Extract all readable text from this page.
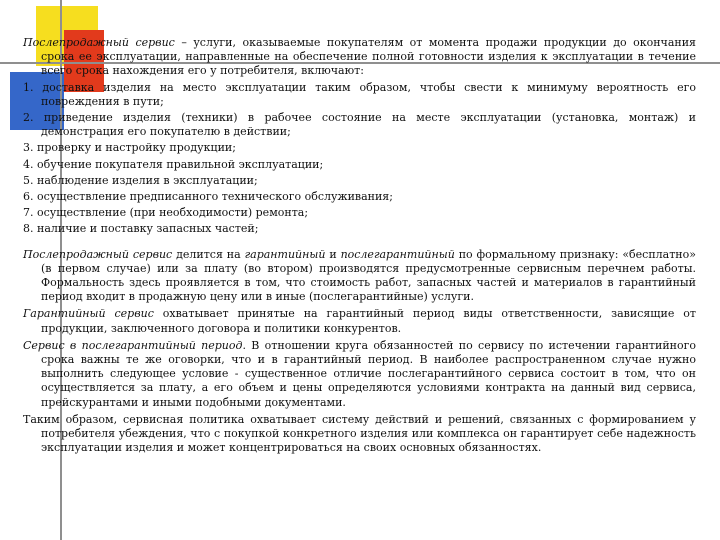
Послепродажный сервис – услуги, оказываемые покупателям от момента продажи продукции до окончания срока ее эксплуатации, направленные на обеспечение полной готовности изделия к эксплуатации в течение всего срока нахождения его у потребителя, включают:

1. доставка изделия на место эксплуатации таким образом, чтобы свести к минимуму вероятность его повреждения в пути;

2. приведение изделия (техники) в рабочее состояние на месте эксплуатации (установка, монтаж) и демонстрация его покупателю в действии;

3. проверку и настройку продукции;

4. обучение покупателя правильной эксплуатации;

5. наблюдение изделия в эксплуатации;

6. осуществление предписанного технического обслуживания;

7. осуществление (при необходимости) ремонта;

8. наличие и поставку запасных частей;

Послепродажный сервис делится на гарантийный и послегарантийный по формальному признаку: «бесплатно» (в первом случае) или за плату (во втором) производятся предусмотренные сервисным перечнем работы. Формальность здесь проявляется в том, что стоимость работ, запасных частей и материалов в гарантийный период входит в продажную цену или в иные (послегарантийные) услуги.

Гарантийный сервис охватывает принятые на гарантийный период виды ответственности, зависящие от продукции, заключенного договора и политики конкурентов.

Сервис в послегарантийный период. В отношении круга обязанностей по сервису по истечении гарантийного срока важны те же оговорки, что и в гарантийный период. В наиболее распространенном случае нужно выполнить следующее условие - существенное отличие послегарантийного сервиса состоит в том, что он осуществляется за плату, а его объем и цены определяются условиями контракта на данный вид сервиса, прейскурантами и иными подобными документами.

Таким образом, сервисная политика охватывает систему действий и решений, связанных с формированием у потребителя убеждения, что с покупкой конкретного изделия или комплекса он гарантирует себе надежность эксплуатации изделия и может концентрироваться на своих основных обязанностях.
